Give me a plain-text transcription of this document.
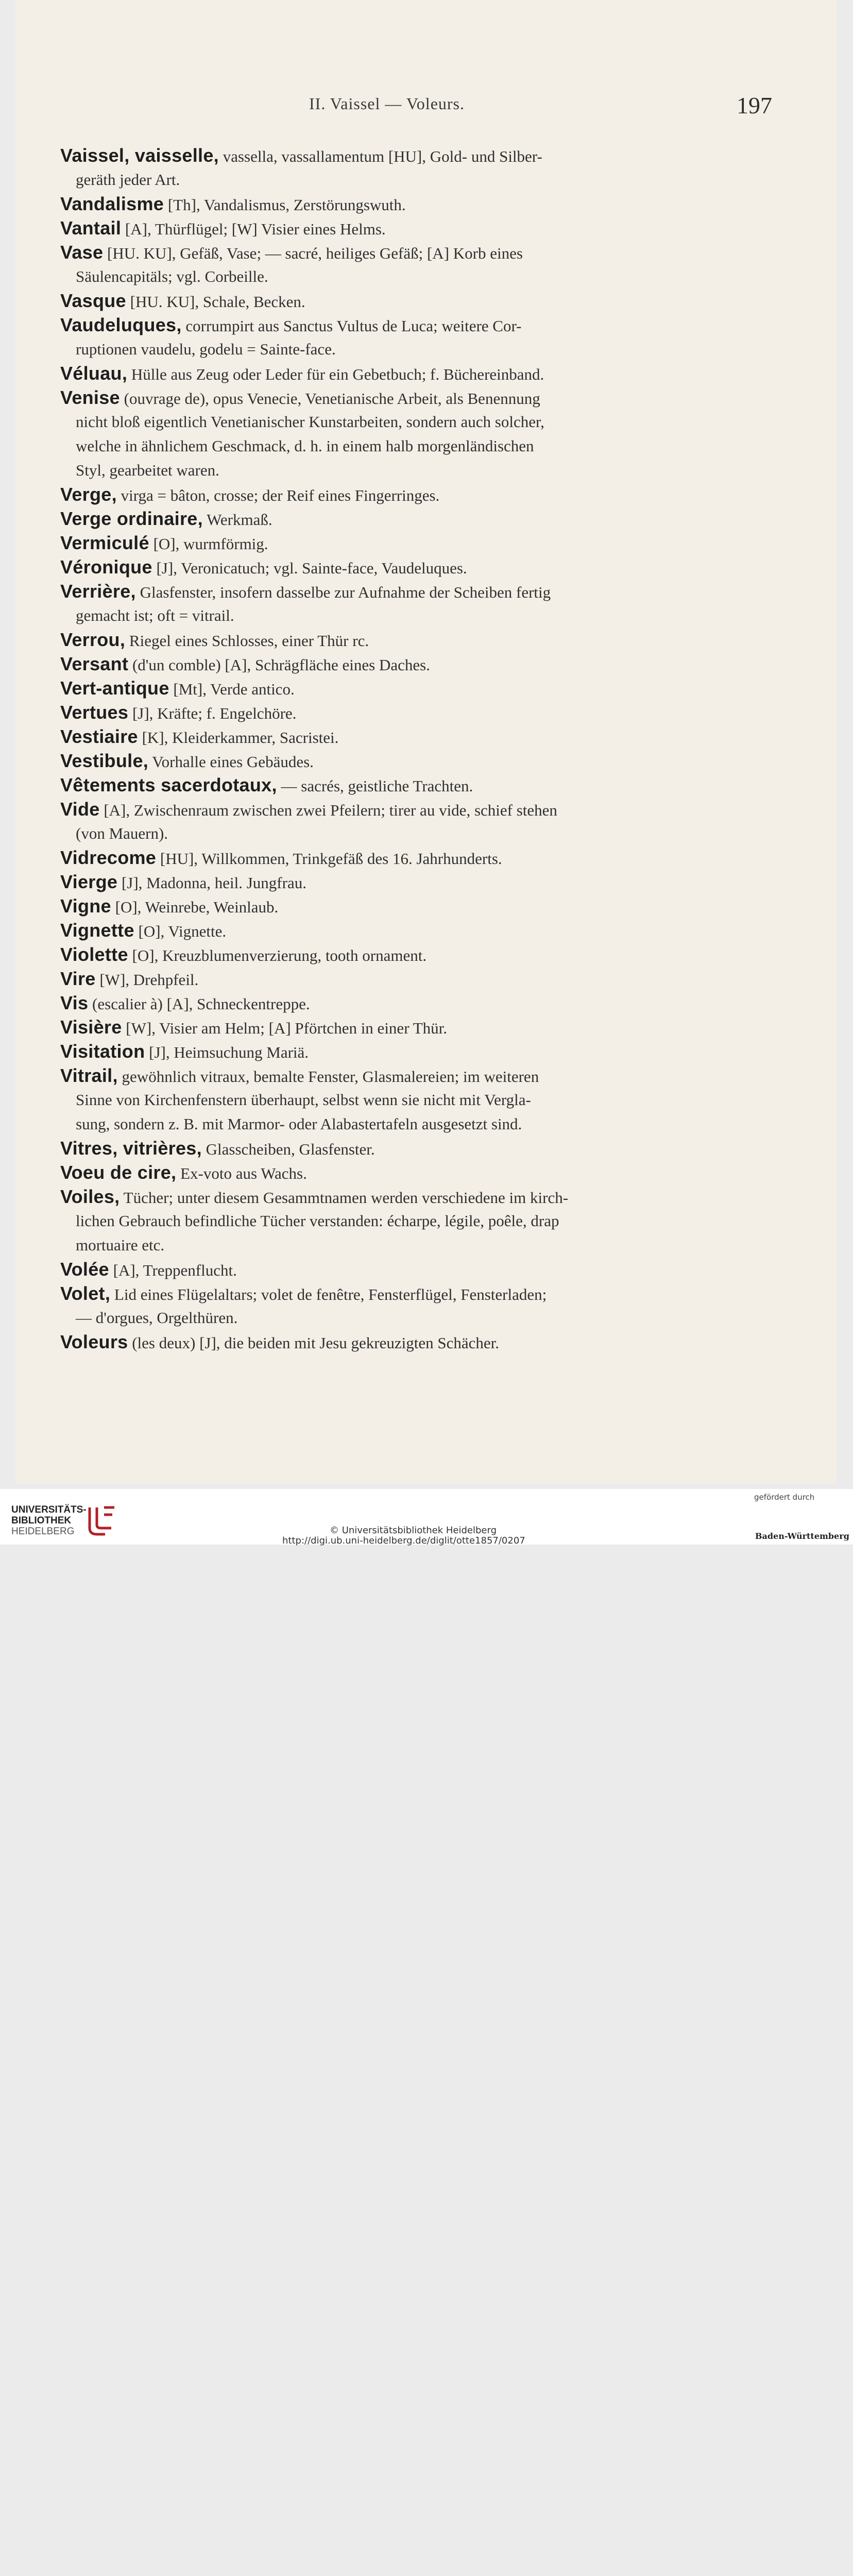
II. Vaissel — Voleurs.	197
Vaissel, vaisselle, vassella, vassallamentum [HU], Gold- und Silber-
geräth jeder Art.
Vandalisme [Th], Vandalismus, Zerstörungswuth.
Vantail [A], Thürflügel; [W] Visier eines Helms.
Vase [HU. KU], Gefäß, Vase; — sacré, heiliges Gefäß; [A] Korb eines
Säulencapitäls; vgl. Corbeille.
Vasque [HU. KU], Schale, Becken.
Vaudeluques, corrumpirt aus Sanctus Vultus de Luca; weitere Cor-
ruptionen vaudelu, godelu = Sainte-face.
Véluau, Hülle aus Zeug oder Leder für ein Gebetbuch; f. Büchereinband.
Venise (ouvrage de), opus Venecie, Venetianische Arbeit, als Benennung
nicht bloß eigentlich Venetianischer Kunstarbeiten, sondern auch solcher,
welche in ähnlichem Geschmack, d. h. in einem halb morgenländischen
Styl, gearbeitet waren.
Verge, virga = bâton, crosse; der Reif eines Fingerringes.
Verge ordinaire, Werkmaß.
Vermiculé [O], wurmförmig.
Véronique [J], Veronicatuch; vgl. Sainte-face, Vaudeluques.
Verrière, Glasfenster, insofern dasselbe zur Aufnahme der Scheiben fertig
gemacht ist; oft = vitrail.
Verrou, Riegel eines Schlosses, einer Thür rc.
Versant (d'un comble) [A], Schrägfläche eines Daches.
Vert-antique [Mt], Verde antico.
Vertues [J], Kräfte; f. Engelchöre.
Vestiaire [K], Kleiderkammer, Sacristei.
Vestibule, Vorhalle eines Gebäudes.
Vêtements sacerdotaux, — sacrés, geistliche Trachten.
Vide [A], Zwischenraum zwischen zwei Pfeilern; tirer au vide, schief stehen
(von Mauern).
Vidrecome [HU], Willkommen, Trinkgefäß des 16. Jahrhunderts.
Vierge [J], Madonna, heil. Jungfrau.
Vigne [O], Weinrebe, Weinlaub.
Vignette [O], Vignette.
Violette [O], Kreuzblumenverzierung, tooth ornament.
Vire [W], Drehpfeil.
Vis (escalier à) [A], Schneckentreppe.
Visière [W], Visier am Helm; [A] Pförtchen in einer Thür.
Visitation [J], Heimsuchung Mariä.
Vitrail, gewöhnlich vitraux, bemalte Fenster, Glasmalereien; im weiteren
Sinne von Kirchenfenstern überhaupt, selbst wenn sie nicht mit Vergla-
sung, sondern z. B. mit Marmor- oder Alabastertafeln ausgesetzt sind.
Vitres, vitrières, Glasscheiben, Glasfenster.
Voeu de cire, Ex-voto aus Wachs.
Voiles, Tücher; unter diesem Gesammtnamen werden verschiedene im kirch-
lichen Gebrauch befindliche Tücher verstanden: écharpe, légile, poêle, drap
mortuaire etc.
Volée [A], Treppenflucht.
Volet, Lid eines Flügelaltars; volet de fenêtre, Fensterflügel, Fensterladen;
— d'orgues, Orgelthüren.
Voleurs (les deux) [J], die beiden mit Jesu gekreuzigten Schächer.
UNIVERSITÄTS-
BIBLIOTHEK
HEIDELBERG	© Universitätsbibliothek Heidelberg
http://digi.ub.uni-heidelberg.de/diglit/otte1857/0207
gefördert durch
Baden-Württemberg
